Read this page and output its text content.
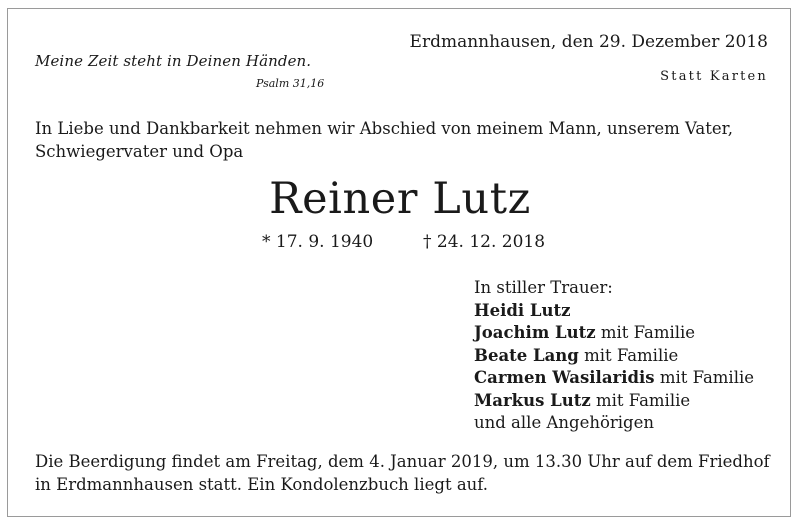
Meine Zeit steht in Deinen Händen.
Psalm 31,16
Erdmannhausen, den 29. Dezember 2018
Statt Karten
In Liebe und Dankbarkeit nehmen wir Abschied von meinem Mann, unserem Vater,
Schwiegervater und Opa
Reiner Lutz
* 17. 9. 1940	† 24. 12. 2018
In stiller Trauer:
Heidi Lutz
Joachim Lutz mit Familie
Beate Lang mit Familie
Carmen Wasilaridis mit Familie
Markus Lutz mit Familie
und alle Angehörigen
Die Beerdigung findet am Freitag, dem 4. Januar 2019, um 13.30 Uhr auf dem Friedhof
in Erdmannhausen statt. Ein Kondolenzbuch liegt auf.
